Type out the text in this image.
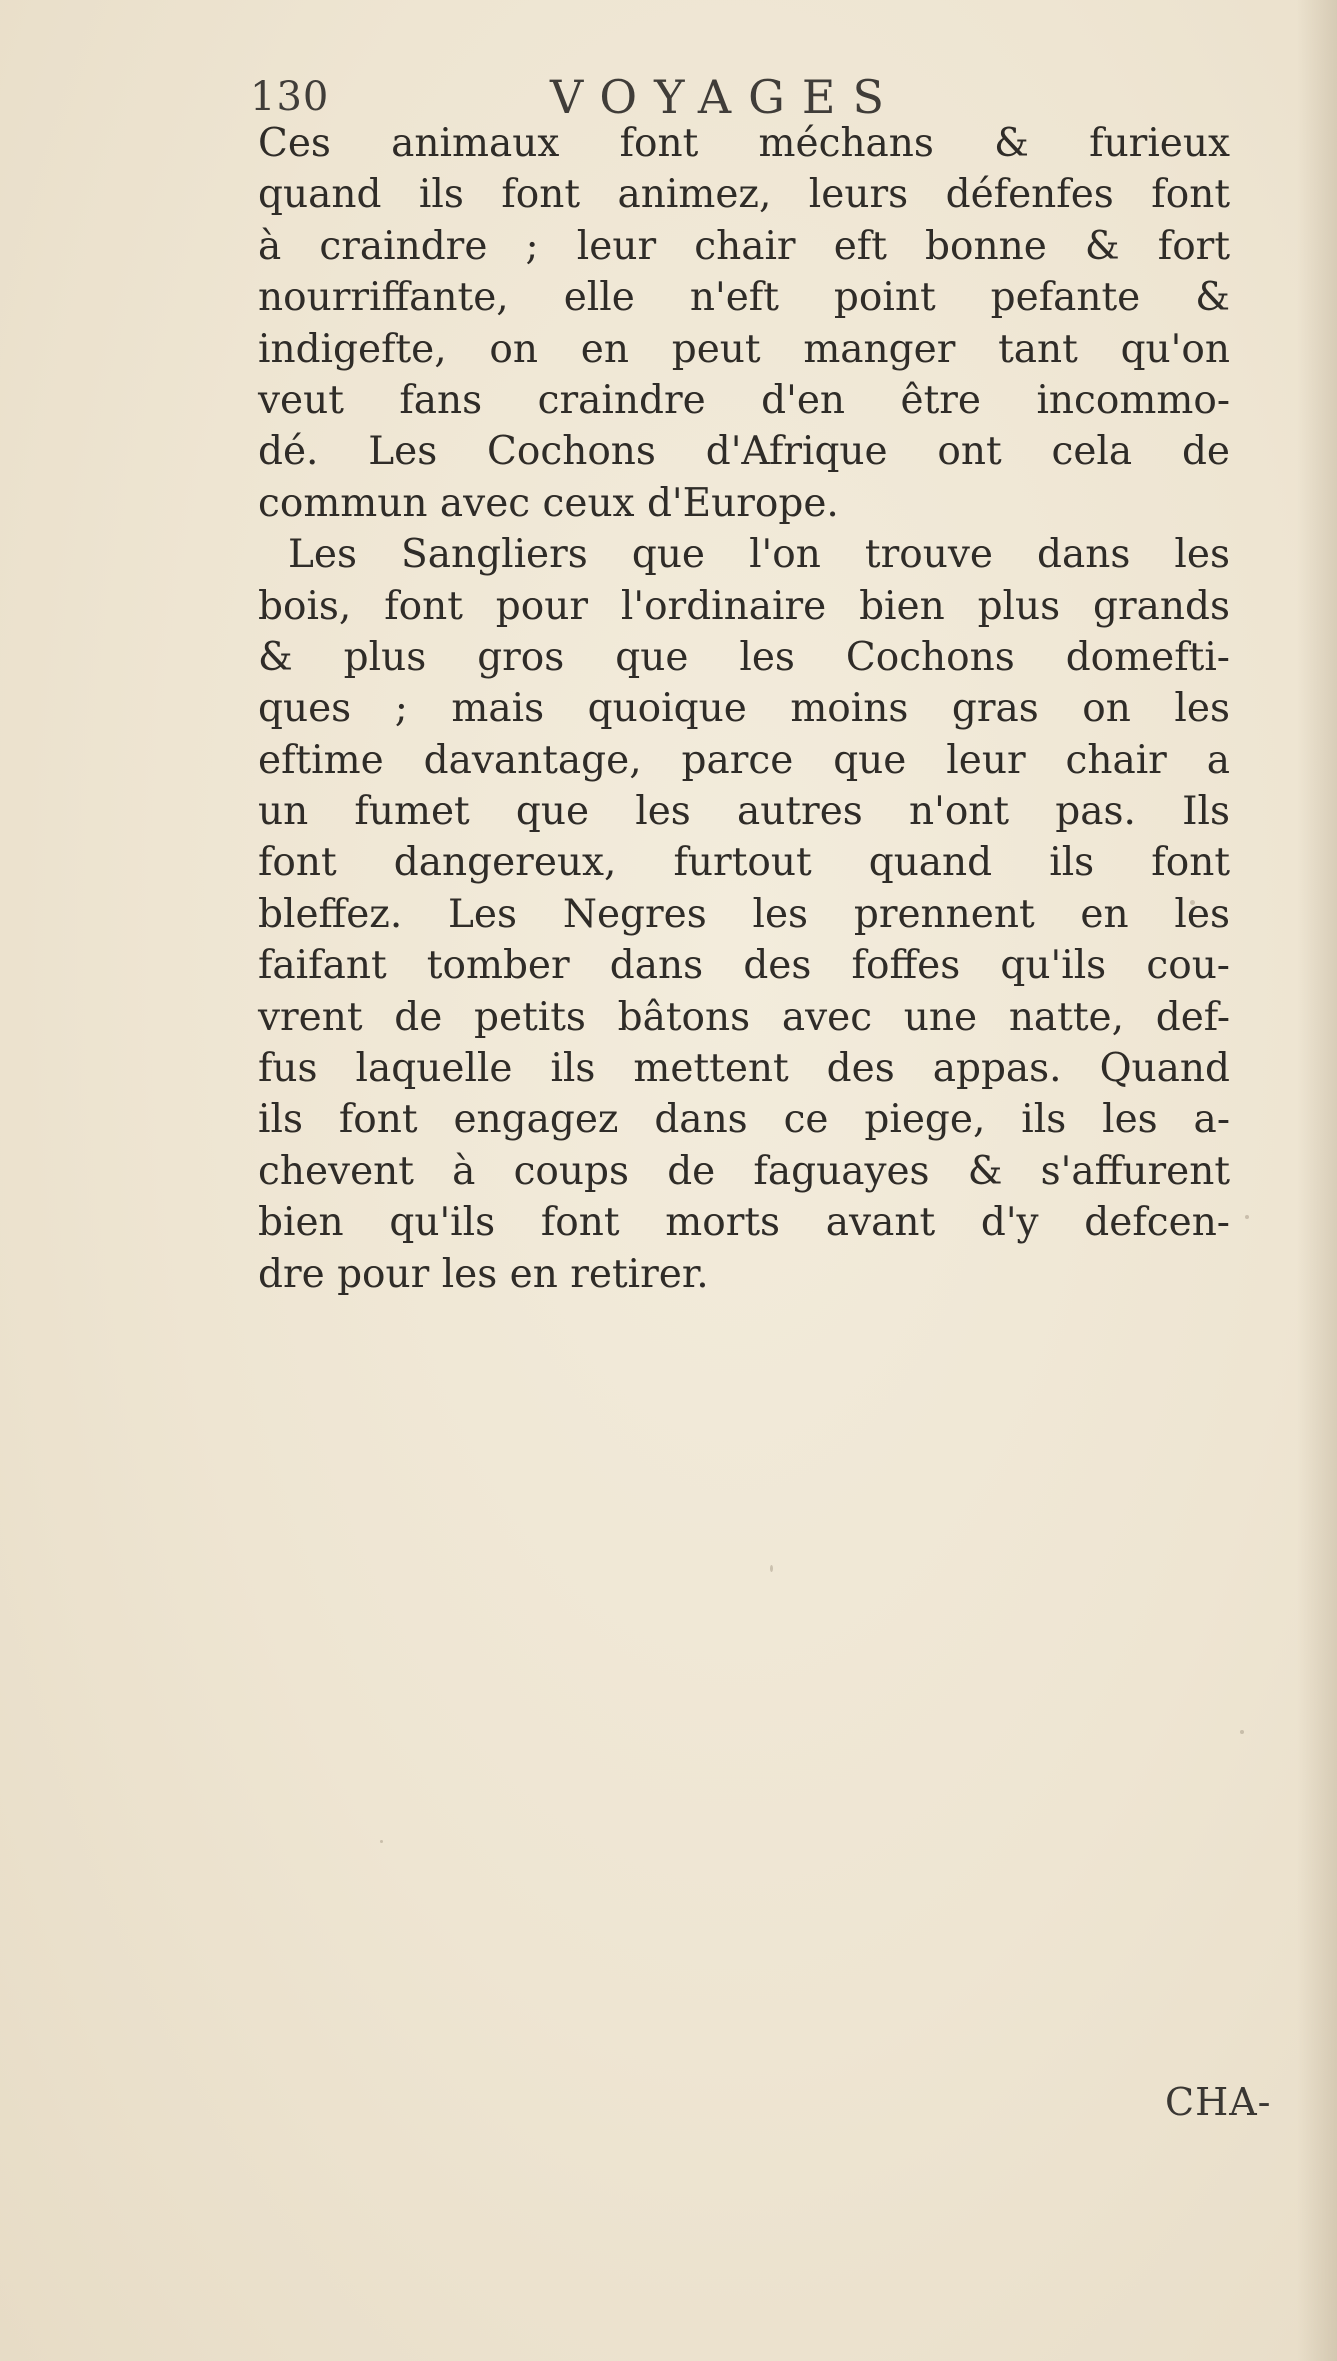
130	VOYAGES
Ces animaux font méchans & furieux
quand ils font animez, leurs défenfes font
à craindre ; leur chair eft bonne & fort
nourriffante, elle n'eft point pefante &
indigefte, on en peut manger tant qu'on
veut fans craindre d'en être incommo-
dé. Les Cochons d'Afrique ont cela de
commun avec ceux d'Europe.
Les Sangliers que l'on trouve dans les
bois, font pour l'ordinaire bien plus grands
& plus gros que les Cochons domefti-
ques ; mais quoique moins gras on les
eftime davantage, parce que leur chair a
un fumet que les autres n'ont pas. Ils
font dangereux, furtout quand ils font
bleffez. Les Negres les prennent en les
faifant tomber dans des foffes qu'ils cou-
vrent de petits bâtons avec une natte, def-
fus laquelle ils mettent des appas. Quand
ils font engagez dans ce piege, ils les a-
chevent à coups de faguayes & s'affurent
bien qu'ils font morts avant d'y defcen-
dre pour les en retirer.
CHA-
